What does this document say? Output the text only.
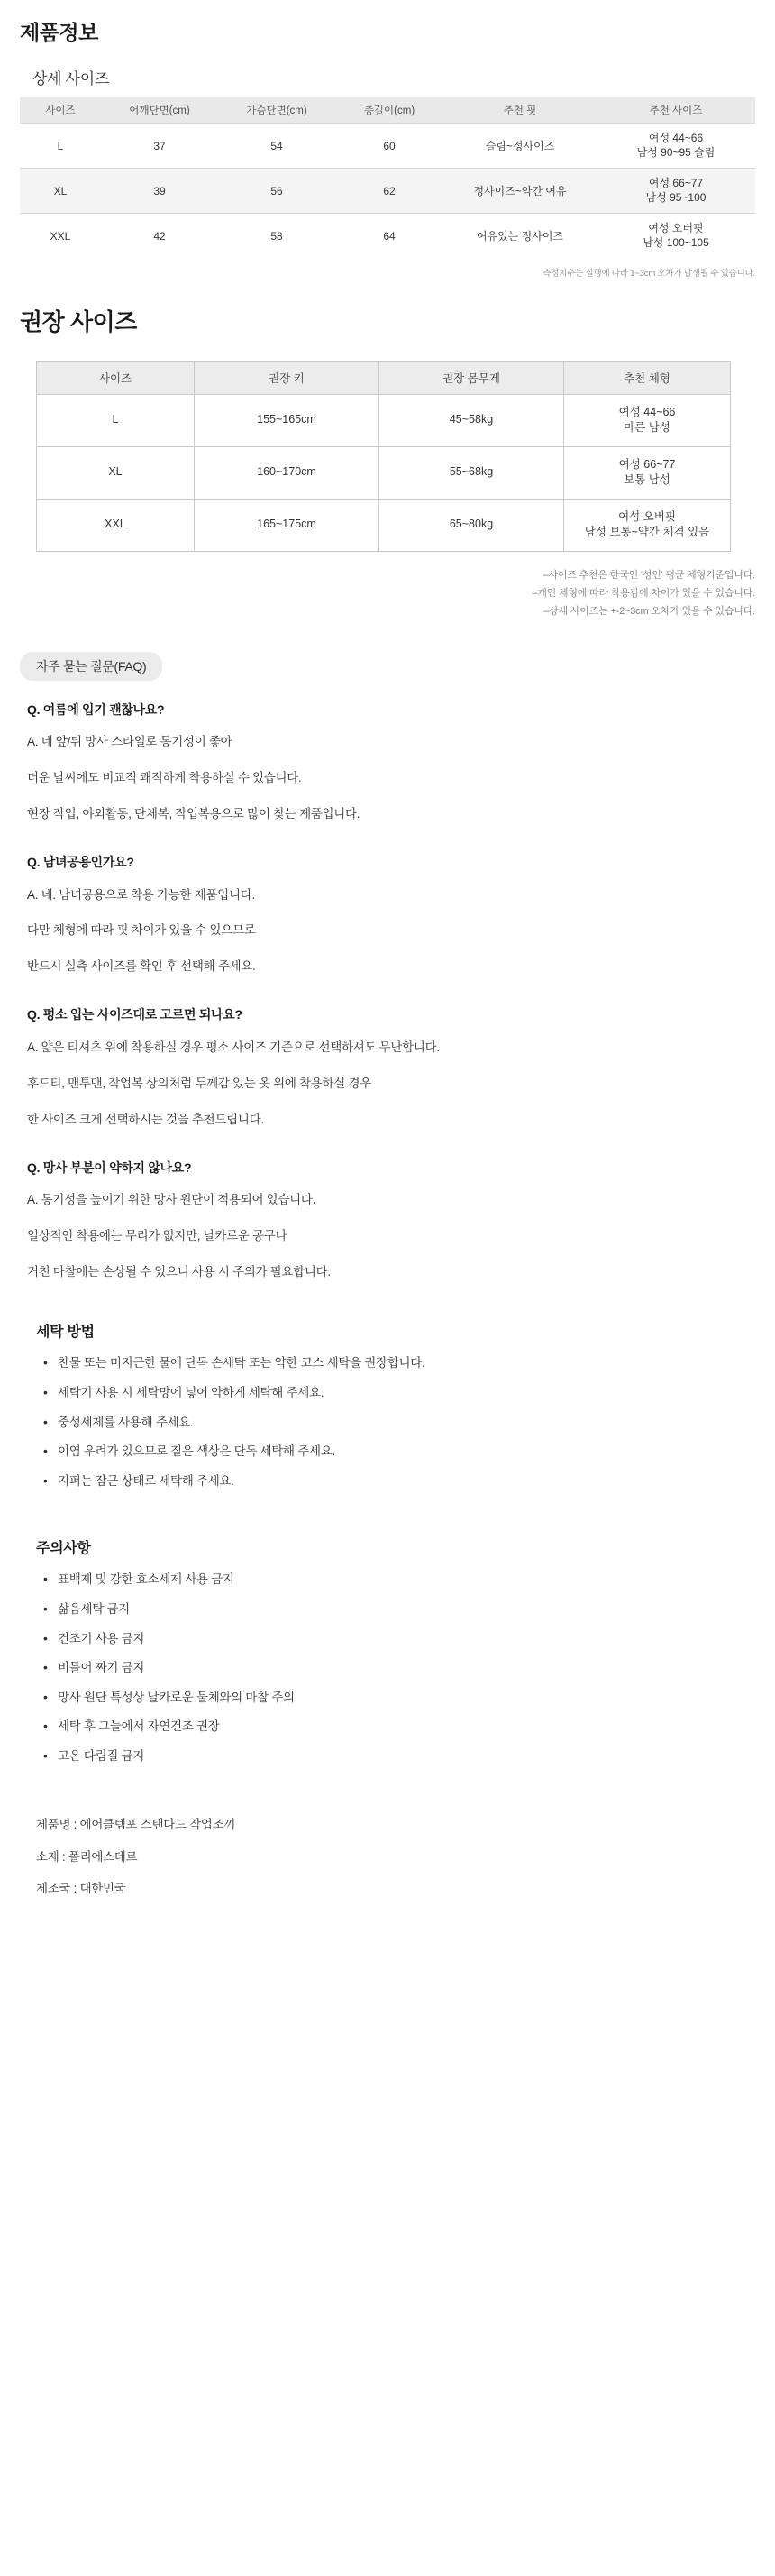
제품정보
상세 사이즈
사이즈	어깨단면(cm)	가슴단면(cm)	총길이(cm)	추천 핏	추천 사이즈
L	37	54	60	슬림~정사이즈	여성 44~66
남성 90~95 슬림
XL	39	56	62	정사이즈~약간 여유	여성 66~77
남성 95~100
XXL	42	58	64	여유있는 정사이즈	여성 오버핏
남성 100~105

측정치수는 실행에 따라 1~3cm 오차가 발생될 수 있습니다.

권장 사이즈
사이즈	권장 키	권장 몸무게	추천 체형
L	155~165cm	45~58kg	여성 44~66
마른 남성
XL	160~170cm	55~68kg	여성 66~77
보통 남성
XXL	165~175cm	65~80kg	여성 오버핏
남성 보통~약간 체격 있음
–사이즈 추천은 한국인 '성인' 평균 체형기준입니다.
–개인 체형에 따라 착용감에 차이가 있을 수 있습니다.
–상세 사이즈는 +-2~3cm 오차가 있을 수 있습니다.
자주 묻는 질문(FAQ)

Q. 여름에 입기 괜찮나요?

A. 네 앞/뒤 망사 스타일로 통기성이 좋아

더운 날씨에도 비교적 쾌적하게 착용하실 수 있습니다.

현장 작업, 야외활동, 단체복, 작업복용으로 많이 찾는 제품입니다.

Q. 남녀공용인가요?

A. 네. 남녀공용으로 착용 가능한 제품입니다.

다만 체형에 따라 핏 차이가 있을 수 있으므로

반드시 실측 사이즈를 확인 후 선택해 주세요.

Q. 평소 입는 사이즈대로 고르면 되나요?

A. 얇은 티셔츠 위에 착용하실 경우 평소 사이즈 기준으로 선택하셔도 무난합니다.

후드티, 맨투맨, 작업복 상의처럼 두께감 있는 옷 위에 착용하실 경우

한 사이즈 크게 선택하시는 것을 추천드립니다.

Q. 망사 부분이 약하지 않나요?

A. 통기성을 높이기 위한 망사 원단이 적용되어 있습니다.

일상적인 착용에는 무리가 없지만, 날카로운 공구나

거친 마찰에는 손상될 수 있으니 사용 시 주의가 필요합니다.

세탁 방법
• 찬물 또는 미지근한 물에 단독 손세탁 또는 약한 코스 세탁을 권장합니다.
• 세탁기 사용 시 세탁망에 넣어 약하게 세탁해 주세요.
• 중성세제를 사용해 주세요.
• 이염 우려가 있으므로 짙은 색상은 단독 세탁해 주세요.
• 지퍼는 잠근 상태로 세탁해 주세요.
주의사항
• 표백제 및 강한 효소세제 사용 금지
• 삶음세탁 금지
• 건조기 사용 금지
• 비틀어 짜기 금지
• 망사 원단 특성상 날카로운 물체와의 마찰 주의
• 세탁 후 그늘에서 자연건조 권장
• 고온 다림질 금지

제품명 : 에어클템포 스탠다드 작업조끼

소재 : 폴리에스테르

제조국 : 대한민국
